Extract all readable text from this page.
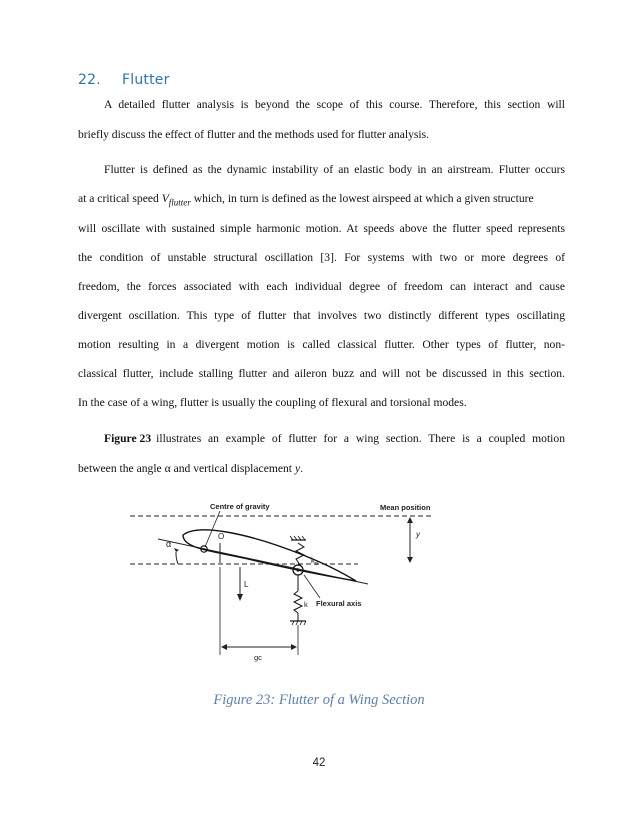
22. Flutter
A detailed flutter analysis is beyond the scope of this course. Therefore, this section will
briefly discuss the effect of flutter and the methods used for flutter analysis.
Flutter is defined as the dynamic instability of an elastic body in an airstream. Flutter occurs
at a critical speed $V_{flutter}$ which, in turn is defined as the lowest airspeed at which a given structure
will oscillate with sustained simple harmonic motion. At speeds above the flutter speed represents
the condition of unstable structural oscillation [3]. For systems with two or more degrees of
freedom, the forces associated with each individual degree of freedom can interact and cause
divergent oscillation. This type of flutter that involves two distinctly different types oscillating
motion resulting in a divergent motion is called classical flutter. Other types of flutter, non-
classical flutter, include stalling flutter and aileron buzz and will not be discussed in this section.
In the case of a wing, flutter is usually the coupling of flexural and torsional modes.
Figure 23 illustrates an example of flutter for a wing section. There is a coupled motion
between the angle α and vertical displacement y.
α
Centre of gravity
O
L
$k_\alpha$
k Flexural axis
Mean position
y
gc
Figure 23: Flutter of a Wing Section
42
